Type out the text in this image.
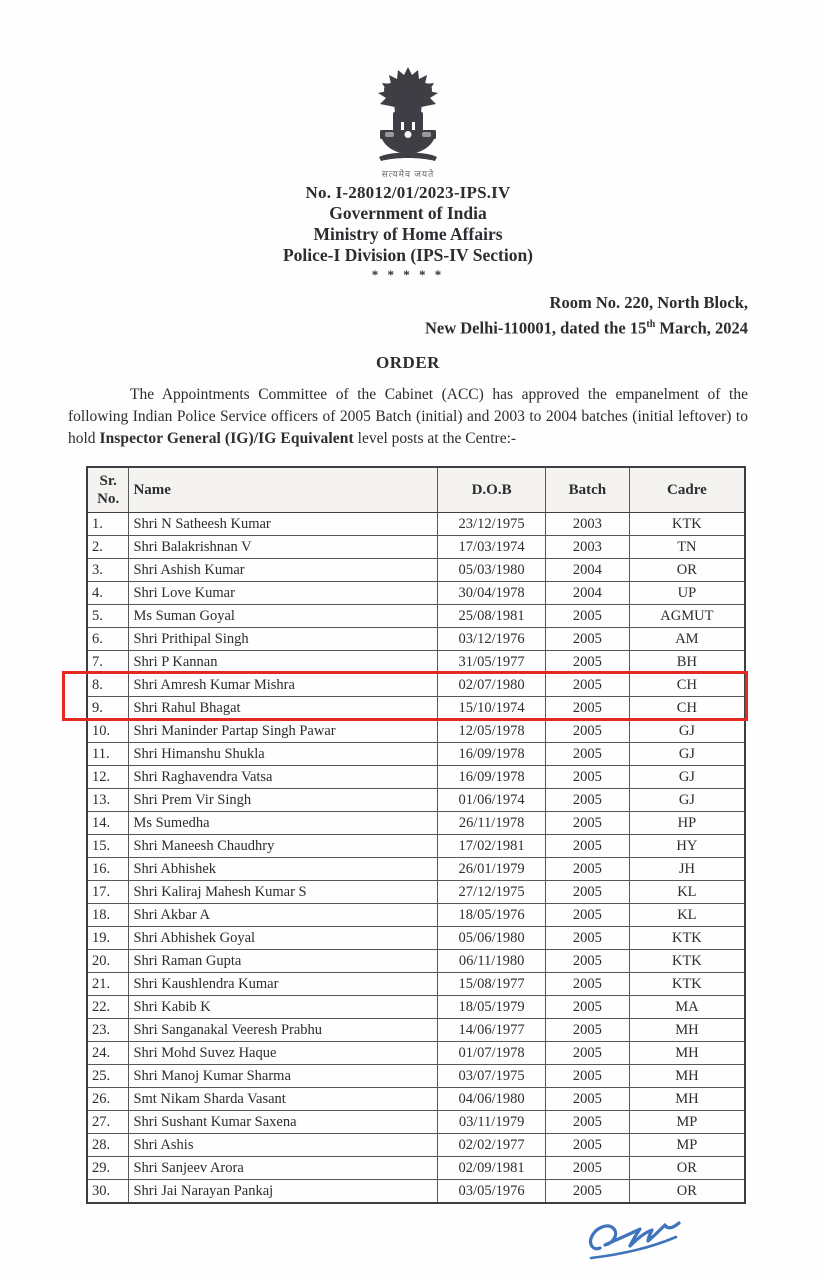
सत्यमेव जयते
No. I-28012/01/2023-IPS.IV
Government of India
Ministry of Home Affairs
Police-I Division (IPS-IV Section)
* * * * *
Room No. 220, North Block,
New Delhi-110001, dated the 15th March, 2024
ORDER

The Appointments Committee of the Cabinet (ACC) has approved the empanelment of the following Indian Police Service officers of 2005 Batch (initial) and 2003 to 2004 batches (initial leftover) to hold Inspector General (IG)/IG Equivalent level posts at the Centre:-

Sr. No.	Name	D.O.B	Batch	Cadre
1.	Shri N Satheesh Kumar	23/12/1975	2003	KTK
2.	Shri Balakrishnan V	17/03/1974	2003	TN
3.	Shri Ashish Kumar	05/03/1980	2004	OR
4.	Shri Love Kumar	30/04/1978	2004	UP
5.	Ms Suman Goyal	25/08/1981	2005	AGMUT
6.	Shri Prithipal Singh	03/12/1976	2005	AM
7.	Shri P Kannan	31/05/1977	2005	BH
8.	Shri Amresh Kumar Mishra	02/07/1980	2005	CH
9.	Shri Rahul Bhagat	15/10/1974	2005	CH
10.	Shri Maninder Partap Singh Pawar	12/05/1978	2005	GJ
11.	Shri Himanshu Shukla	16/09/1978	2005	GJ
12.	Shri Raghavendra Vatsa	16/09/1978	2005	GJ
13.	Shri Prem Vir Singh	01/06/1974	2005	GJ
14.	Ms Sumedha	26/11/1978	2005	HP
15.	Shri Maneesh Chaudhry	17/02/1981	2005	HY
16.	Shri Abhishek	26/01/1979	2005	JH
17.	Shri Kaliraj Mahesh Kumar S	27/12/1975	2005	KL
18.	Shri Akbar A	18/05/1976	2005	KL
19.	Shri Abhishek Goyal	05/06/1980	2005	KTK
20.	Shri Raman Gupta	06/11/1980	2005	KTK
21.	Shri Kaushlendra Kumar	15/08/1977	2005	KTK
22.	Shri Kabib K	18/05/1979	2005	MA
23.	Shri Sanganakal Veeresh Prabhu	14/06/1977	2005	MH
24.	Shri Mohd Suvez Haque	01/07/1978	2005	MH
25.	Shri Manoj Kumar Sharma	03/07/1975	2005	MH
26.	Smt Nikam Sharda Vasant	04/06/1980	2005	MH
27.	Shri Sushant Kumar Saxena	03/11/1979	2005	MP
28.	Shri Ashis	02/02/1977	2005	MP
29.	Shri Sanjeev Arora	02/09/1981	2005	OR
30.	Shri Jai Narayan Pankaj	03/05/1976	2005	OR
